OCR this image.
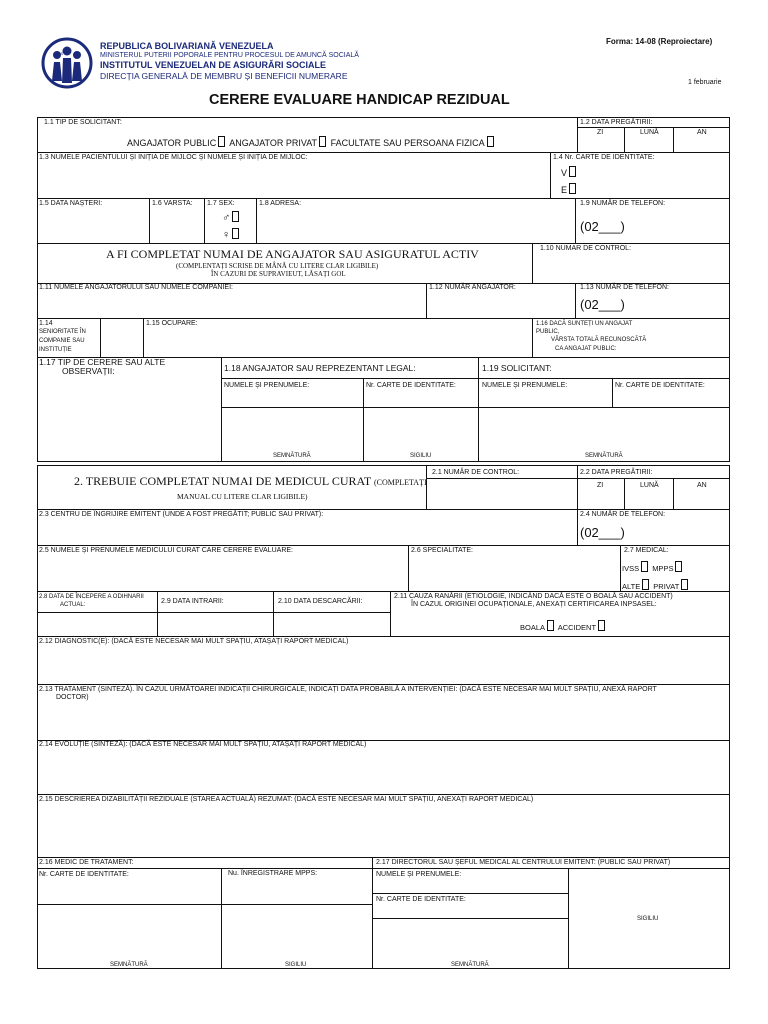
IVSS
REPUBLICA BOLIVARIANĂ VENEZUELA
MINISTERUL PUTERII POPORALE PENTRU PROCESUL DE AMUNCĂ SOCIALĂ
INSTITUTUL VENEZUELAN DE ASIGURĂRI SOCIALE
DIRECȚIA GENERALĂ DE MEMBRU ȘI BENEFICII NUMERARE
Forma: 14-08 (Reproiectare)
1 februarie
CERERE EVALUARE HANDICAP REZIDUAL
1.1 TIP DE SOLICITANT:
ANGAJATOR PUBLIC ANGAJATOR PRIVAT FACULTATE SAU PERSOANA FIZICA
1.2 DATA PREGĂTIRII:
ZI	LUNĂ	AN
1.3 NUMELE PACIENTULUI ȘI INIȚIA DE MIJLOC ȘI NUMELE ȘI INIȚIA DE MIJLOC:	1.4 Nr. CARTE DE IDENTITATE:
V
E
1.5 DATA NAȘTERI:	1.6 VARSTA: 1.7 SEX:	1.8 ADRESA:	1.9 NUMĂR DE TELEFON:
♂
♀
(02___)
A FI COMPLETAT NUMAI DE ANGAJATOR SAU ASIGURATUL ACTIV
(COMPLENTAȚI SCRISE DE MÂNĂ CU LITERE CLAR LIGIBILE)
ÎN CAZURI DE SUPRAVIEUT, LĂSAȚI GOL
1.10 NUMAR DE CONTROL:
1.11 NUMELE ANGAJATORULUI SAU NUMELE COMPANIEI:	1.12 NUMĂR ANGAJATOR:	1.13 NUMĂR DE TELEFON:
(02___)
1.14
SENIORITATE ÎN
COMPANIE SAU
INSTITUȚIE
1.15 OCUPARE:	1.16 DACĂ SUNTEȚI UN ANGAJAT
PUBLIC,
VÂRSTA TOTALĂ RECUNOSCĂTĂ
CA ANGAJAT PUBLIC:
1.17 TIP DE CERERE SAU ALTE
OBSERVAȚII:	1.18 ANGAJATOR SAU REPREZENTANT LEGAL:	1.19 SOLICITANT:
NUMELE ȘI PRENUMELE:	Nr. CARTE DE IDENTITATE:	NUMELE ȘI PRENUMELE:	Nr. CARTE DE IDENTITATE:
SEMNĂTURĂ	SIGILIU	SEMNĂTURĂ
2. TREBUIE COMPLETAT NUMAI DE MEDICUL CURAT (COMPLETAȚI
MANUAL CU LITERE CLAR LIGIBILE)
2.1 NUMĂR DE CONTROL:	2.2 DATA PREGĂTIRII:
ZI	LUNĂ	AN
2.3 CENTRU DE ÎNGRIJIRE EMITENT (UNDE A FOST PREGĂTIT; PUBLIC SAU PRIVAT):	2.4 NUMĂR DE TELEFON:
(02___)
2.5 NUMELE ȘI PRENUMELE MEDICULUI CURAT CARE CERERE EVALUARE:	2.6 SPECIALITATE:	2.7 MEDICAL:
IVSS MPPS
ALTE PRIVAT
2.8 DATA DE ÎNCEPERE A ODIHNARII
ACTUAL:	2.9 DATA INTRARII:	2.10 DATA DESCARCĂRII:
2.11 CAUZA RANĂRII (ETIOLOGIE, INDICÂND DACĂ ESTE O BOALĂ SAU ACCIDENT)
ÎN CAZUL ORIGINEI OCUPAȚIONALE, ANEXAȚI CERTIFICAREA INPSASEL:
BOALA ACCIDENT
2.12 DIAGNOSTIC(E): (DACĂ ESTE NECESAR MAI MULT SPAȚIU, ATAȘAȚI RAPORT MEDICAL)
2.13 TRATAMENT (SINTEZĂ). ÎN CAZUL URMĂTOAREI INDICAȚII CHIRURGICALE, INDICAȚI DATA PROBABILĂ A INTERVENȚIEI: (DACĂ ESTE NECESAR MAI MULT SPAȚIU, ANEXĂ RAPORT
DOCTOR)
2.14 EVOLUȚIE (SINTEZĂ): (DACĂ ESTE NECESAR MAI MULT SPAȚIU, ATAȘAȚI RAPORT MEDICAL)
2.15 DESCRIEREA DIZABILITĂȚII REZIDUALE (STAREA ACTUALĂ) REZUMAT: (DACĂ ESTE NECESAR MAI MULT SPAȚIU, ANEXAȚI RAPORT MEDICAL)
2.16 MEDIC DE TRATAMENT:	2.17 DIRECTORUL SAU ȘEFUL MEDICAL AL CENTRULUI EMITENT: (PUBLIC SAU PRIVAT)
Nr. CARTE DE IDENTITATE:	Nu. ÎNREGISTRARE MPPS:	NUMELE ȘI PRENUMELE:
Nr. CARTE DE IDENTITATE:
SEMNĂTURĂ	SIGILIU	SEMNĂTURĂ
SIGILIU
